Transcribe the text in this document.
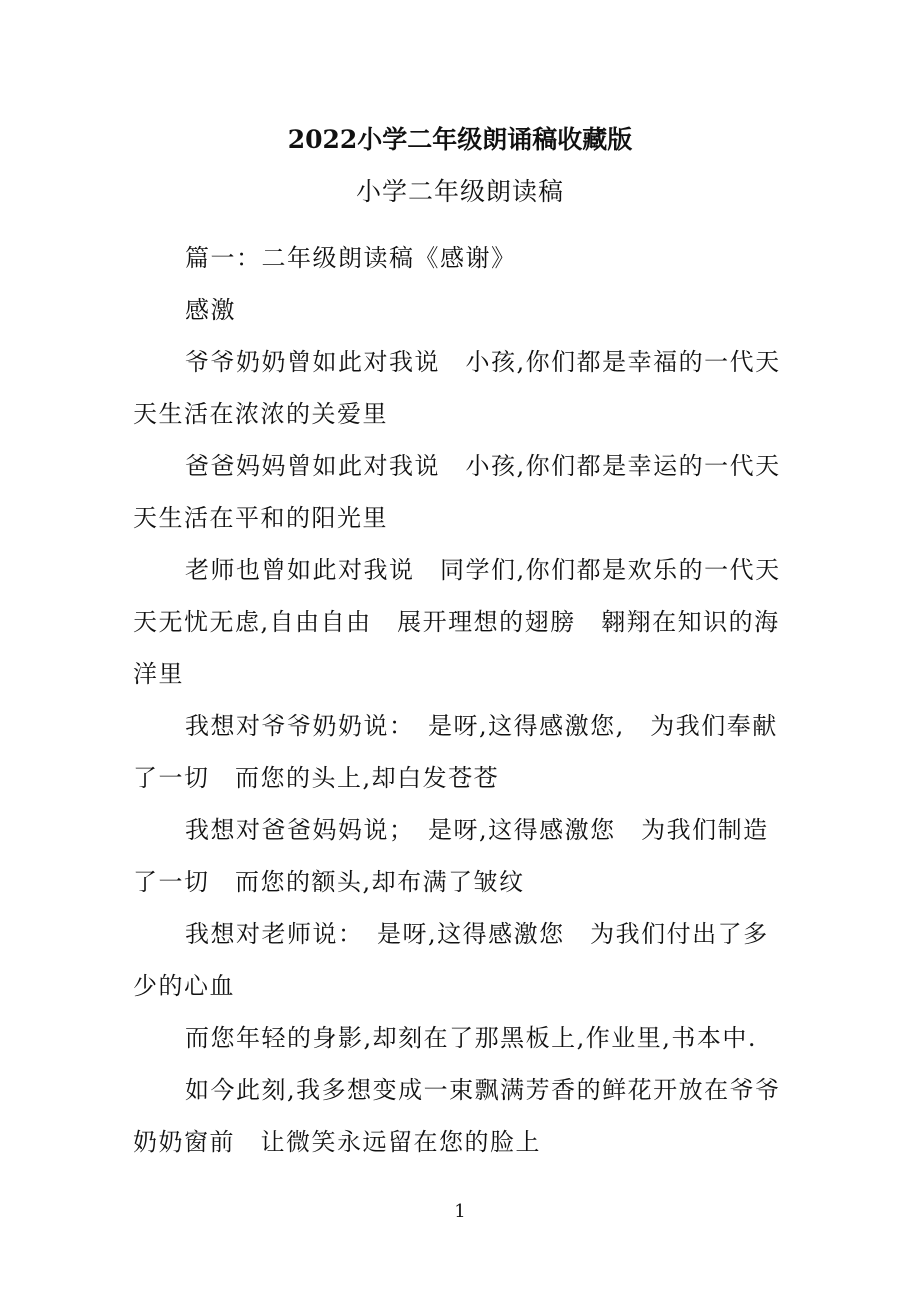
2022小学二年级朗诵稿收藏版
小学二年级朗读稿

篇一：二年级朗读稿《感谢》

感激

爷爷奶奶曾如此对我说　小孩,你们都是幸福的一代天天生活在浓浓的关爱里

爸爸妈妈曾如此对我说　小孩,你们都是幸运的一代天天生活在平和的阳光里

老师也曾如此对我说　同学们,你们都是欢乐的一代天天无忧无虑,自由自由　展开理想的翅膀　翱翔在知识的海洋里

我想对爷爷奶奶说：　是呀,这得感激您,　为我们奉献了一切　而您的头上,却白发苍苍

我想对爸爸妈妈说；　是呀,这得感激您　为我们制造了一切　而您的额头,却布满了皱纹

我想对老师说：　是呀,这得感激您　为我们付出了多少的心血

而您年轻的身影,却刻在了那黑板上,作业里,书本中.

如今此刻,我多想变成一束飘满芳香的鲜花开放在爷爷奶奶窗前　让微笑永远留在您的脸上

1
